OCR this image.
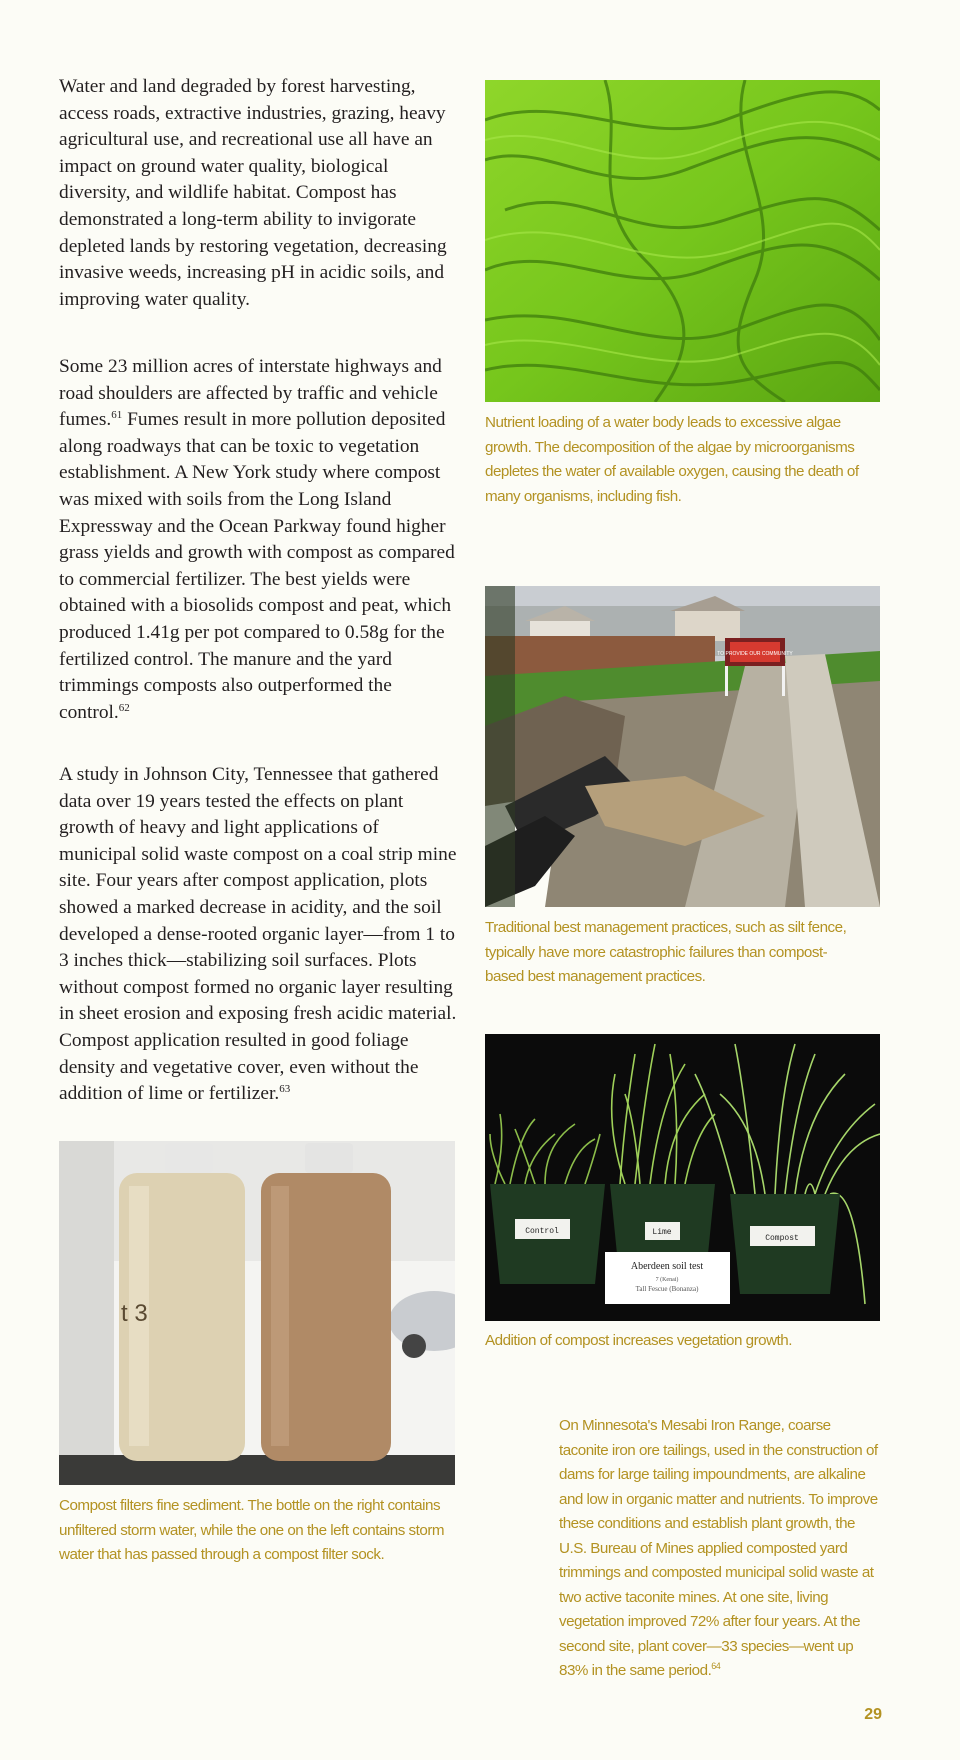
Water and land degraded by forest harvesting, access roads, extractive industries, grazing, heavy agricultural use, and recreational use all have an impact on ground water quality, biological diversity, and wildlife habitat. Compost has demonstrated a long-term ability to invigorate depleted lands by restoring vegetation, decreasing invasive weeds, increasing pH in acidic soils, and improving water quality.

Some 23 million acres of interstate highways and road shoulders are affected by traffic and vehicle fumes.$^{61}$ Fumes result in more pollution deposited along roadways that can be toxic to vegetation establishment. A New York study where compost was mixed with soils from the Long Island Expressway and the Ocean Parkway found higher grass yields and growth with compost as compared to commercial fertilizer. The best yields were obtained with a biosolids compost and peat, which produced 1.41g per pot compared to 0.58g for the fertilized control. The manure and the yard trimmings composts also outperformed the control.$^{62}$

A study in Johnson City, Tennessee that gathered data over 19 years tested the effects on plant growth of heavy and light applications of municipal solid waste compost on a coal strip mine site. Four years after compost application, plots showed a marked decrease in acidity, and the soil developed a dense-rooted organic layer—from 1 to 3 inches thick—stabilizing soil surfaces. Plots without compost formed no organic layer resulting in sheet erosion and exposing fresh acidic material. Compost application resulted in good foliage density and vegetative cover, even without the addition of lime or fertilizer.$^{63}$

Nutrient loading of a water body leads to excessive algae growth. The decomposition of the algae by microorganisms depletes the water of available oxygen, causing the death of many organisms, including fish.

TO PROVIDE OUR COMMUNITY

Traditional best management practices, such as silt fence, typically have more catastrophic failures than compost-based best management practices.

Control	Lime
Compost
Aberdeen soil test
7 (Kenai)
Tall Fescue (Bonanza)

Addition of compost increases vegetation growth.

t 3

Compost filters fine sediment. The bottle on the right contains unfiltered storm water, while the one on the left contains storm water that has passed through a compost filter sock.

On Minnesota's Mesabi Iron Range, coarse taconite iron ore tailings, used in the construction of dams for large tailing impoundments, are alkaline and low in organic matter and nutrients. To improve these conditions and establish plant growth, the U.S. Bureau of Mines applied composted yard trimmings and composted municipal solid waste at two active taconite mines. At one site, living vegetation improved 72% after four years. At the second site, plant cover—33 species—went up 83% in the same period.$^{64}$

29
